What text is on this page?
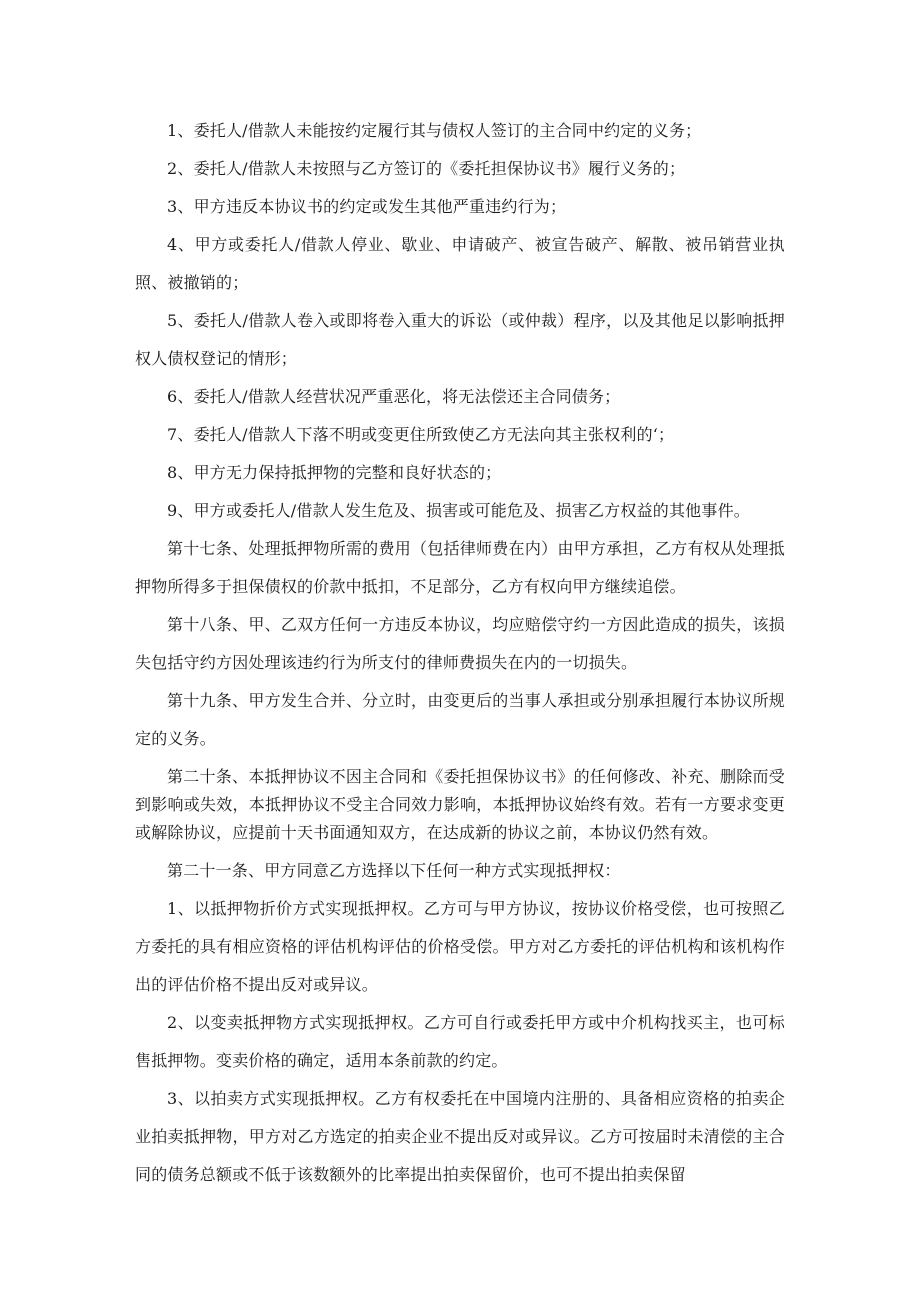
1、委托人/借款人未能按约定履行其与债权人签订的主合同中约定的义务；

2、委托人/借款人未按照与乙方签订的《委托担保协议书》履行义务的；

3、甲方违反本协议书的约定或发生其他严重违约行为；

4、甲方或委托人/借款人停业、歇业、申请破产、被宣告破产、解散、被吊销营业执照、被撤销的；

5、委托人/借款人卷入或即将卷入重大的诉讼（或仲裁）程序，以及其他足以影响抵押权人债权登记的情形；

6、委托人/借款人经营状况严重恶化，将无法偿还主合同债务；

7、委托人/借款人下落不明或变更住所致使乙方无法向其主张权利的‘；

8、甲方无力保持抵押物的完整和良好状态的；

9、甲方或委托人/借款人发生危及、损害或可能危及、损害乙方权益的其他事件。

第十七条、处理抵押物所需的费用（包括律师费在内）由甲方承担，乙方有权从处理抵押物所得多于担保债权的价款中抵扣，不足部分，乙方有权向甲方继续追偿。

第十八条、甲、乙双方任何一方违反本协议，均应赔偿守约一方因此造成的损失，该损失包括守约方因处理该违约行为所支付的律师费损失在内的一切损失。

第十九条、甲方发生合并、分立时，由变更后的当事人承担或分别承担履行本协议所规定的义务。

第二十条、本抵押协议不因主合同和《委托担保协议书》的任何修改、补充、删除而受到影响或失效，本抵押协议不受主合同效力影响，本抵押协议始终有效。若有一方要求变更或解除协议，应提前十天书面通知双方，在达成新的协议之前，本协议仍然有效。

第二十一条、甲方同意乙方选择以下任何一种方式实现抵押权：

1、以抵押物折价方式实现抵押权。乙方可与甲方协议，按协议价格受偿，也可按照乙方委托的具有相应资格的评估机构评估的价格受偿。甲方对乙方委托的评估机构和该机构作出的评估价格不提出反对或异议。

2、以变卖抵押物方式实现抵押权。乙方可自行或委托甲方或中介机构找买主，也可标售抵押物。变卖价格的确定，适用本条前款的约定。

3、以拍卖方式实现抵押权。乙方有权委托在中国境内注册的、具备相应资格的拍卖企业拍卖抵押物，甲方对乙方选定的拍卖企业不提出反对或异议。乙方可按届时未清偿的主合同的债务总额或不低于该数额外的比率提出拍卖保留价，也可不提出拍卖保留
